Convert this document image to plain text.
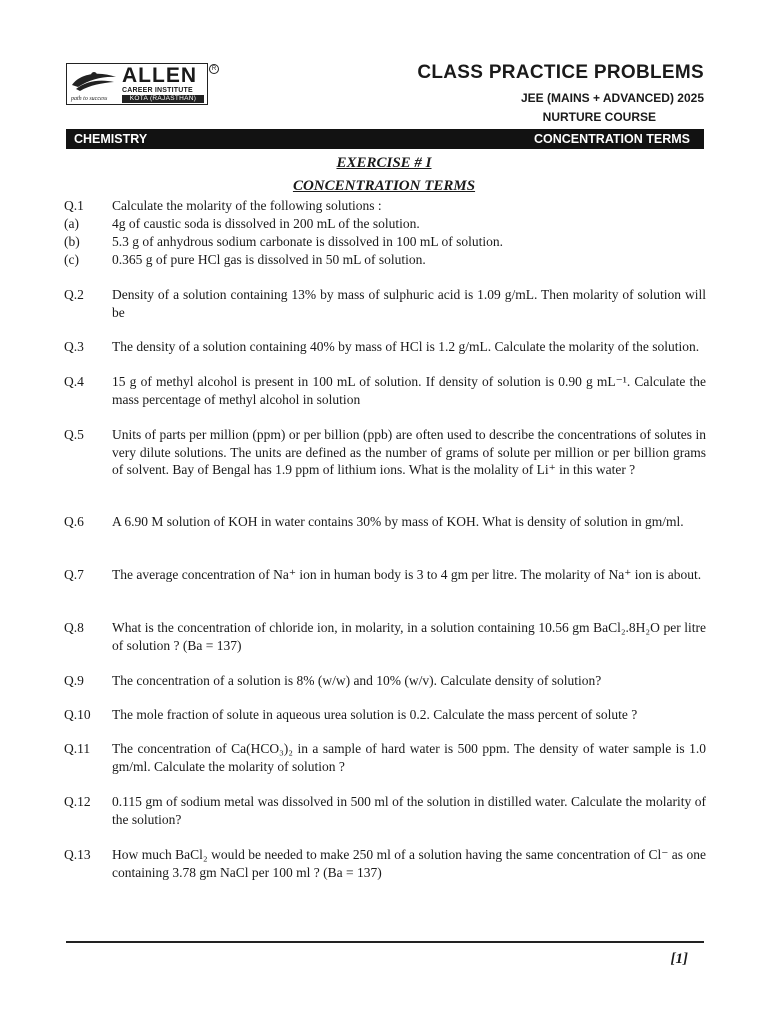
path to success
ALLEN
CAREER INSTITUTE
KOTA (RAJASTHAN)
R	CLASS PRACTICE PROBLEMS
JEE (MAINS + ADVANCED) 2025
NURTURE COURSE
CHEMISTRY	CONCENTRATION TERMS
EXERCISE # I
CONCENTRATION TERMS
Q.1 Calculate the molarity of the following solutions :
(a) 4g of caustic soda is dissolved in 200 mL of the solution.
(b) 5.3 g of anhydrous sodium carbonate is dissolved in 100 mL of solution.
(c) 0.365 g of pure HCl gas is dissolved in 50 mL of solution.
Q.2 Density of a solution containing 13% by mass of sulphuric acid is 1.09 g/mL. Then molarity of solution will be
Q.3 The density of a solution containing 40% by mass of HCl is 1.2 g/mL. Calculate the molarity of the solution.
Q.4 15 g of methyl alcohol is present in 100 mL of solution. If density of solution is 0.90 g mL⁻¹. Calculate the mass percentage of methyl alcohol in solution
Q.5 Units of parts per million (ppm) or per billion (ppb) are often used to describe the concentrations of solutes in very dilute solutions. The units are defined as the number of grams of solute per million or per billion grams of solvent. Bay of Bengal has 1.9 ppm of lithium ions. What is the molality of Li⁺ in this water ?
Q.6 A 6.90 M solution of KOH in water contains 30% by mass of KOH. What is density of solution in gm/ml.
Q.7 The average concentration of Na⁺ ion in human body is 3 to 4 gm per litre. The molarity of Na⁺ ion is about.
Q.8 What is the concentration of chloride ion, in molarity, in a solution containing 10.56 gm BaCl₂.8H₂O per litre of solution ? (Ba = 137)
Q.9 The concentration of a solution is 8% (w/w) and 10% (w/v). Calculate density of solution?
Q.10 The mole fraction of solute in aqueous urea solution is 0.2. Calculate the mass percent of solute ?
Q.11 The concentration of Ca(HCO₃)₂ in a sample of hard water is 500 ppm. The density of water sample is 1.0 gm/ml. Calculate the molarity of solution ?
Q.12 0.115 gm of sodium metal was dissolved in 500 ml of the solution in distilled water. Calculate the molarity of the solution?
Q.13 How much BaCl₂ would be needed to make 250 ml of a solution having the same concentration of Cl⁻ as one containing 3.78 gm NaCl per 100 ml ? (Ba = 137)
[1]
